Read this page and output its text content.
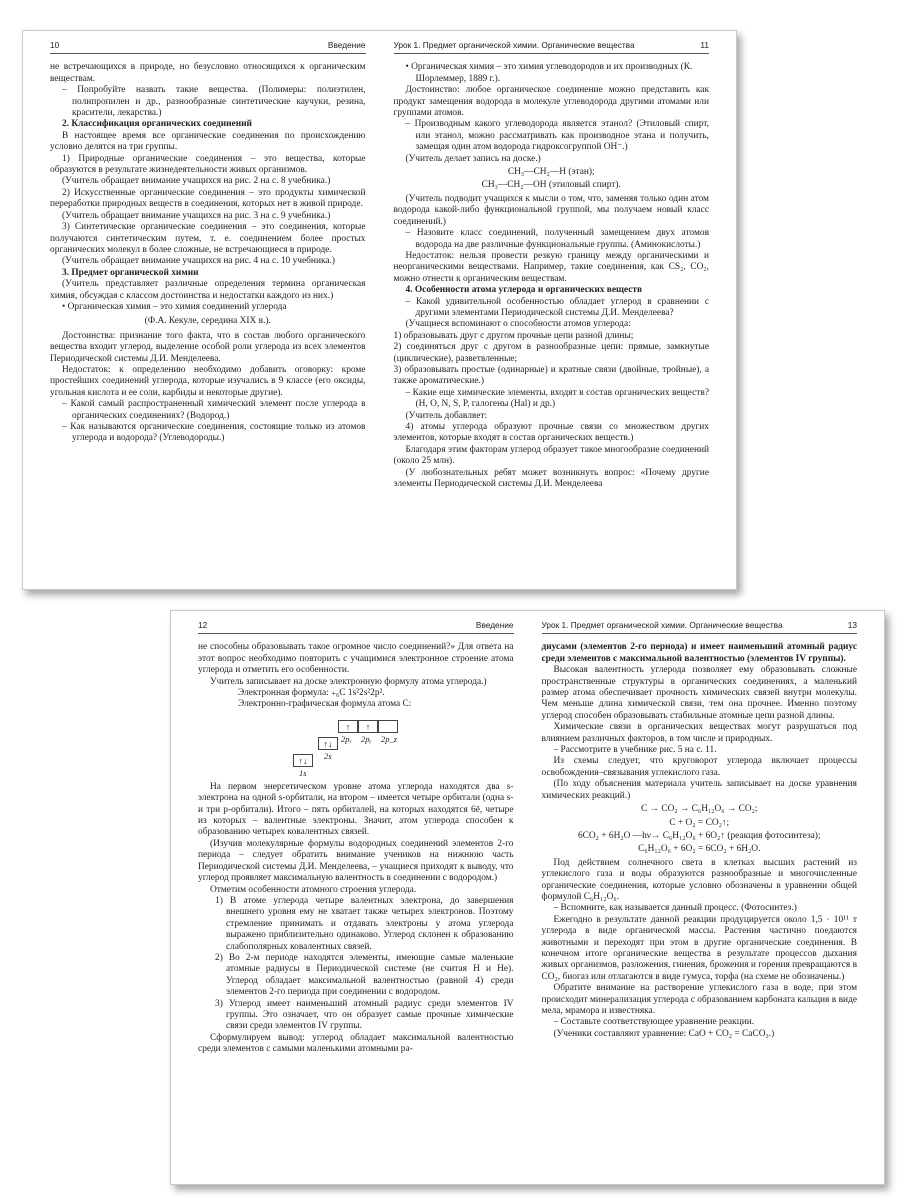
10	Введение

не встречающихся в природе, но безусловно относящихся к органическим веществам.

– Попробуйте назвать такие вещества. (Полимеры: полиэтилен, полипропилен и др., разнообразные синтетические каучуки, резина, красители, лекарства.)

2. Классификация органических соединений

В настоящее время все органические соединения по происхождению условно делятся на три группы.

1) Природные органические соединения – это вещества, которые образуются в результате жизнедеятельности живых организмов.

(Учитель обращает внимание учащихся на рис. 2 на с. 8 учебника.)

2) Искусственные органические соединения – это продукты химической переработки природных веществ в соединения, которых нет в живой природе.

(Учитель обращает внимание учащихся на рис. 3 на с. 9 учебника.)

3) Синтетические органические соединения – это соединения, которые получаются синтетическим путем, т. е. соединением более простых органических молекул в более сложные, не встречающиеся в природе.

(Учитель обращает внимание учащихся на рис. 4 на с. 10 учебника.)

3. Предмет органической химии

(Учитель представляет различные определения термина органическая химия, обсуждая с классом достоинства и недостатки каждого из них.)

• Органическая химия – это химия соединений углерода

(Ф.А. Кекуле, середина XIX в.).

Достоинства: признание того факта, что в состав любого органического вещества входит углерод, выделение особой роли углерода из всех элементов Периодической системы Д.И. Менделеева.

Недостаток: к определению необходимо добавить оговорку: кроме простейших соединений углерода, которые изучались в 9 классе (его оксиды, угольная кислота и ее соли, карбиды и некоторые другие).

– Какой самый распространенный химический элемент после углерода в органических соединениях? (Водород.)

– Как называются органические соединения, состоящие только из атомов углерода и водорода? (Углеводороды.)

Урок 1. Предмет органической химии. Органические вещества	11

• Органическая химия – это химия углеводородов и их производных (К. Шорлеммер, 1889 г.).

Достоинство: любое органическое соединение можно представить как продукт замещения водорода в молекуле углеводорода другими атомами или группами атомов.

– Производным какого углеводорода является этанол? (Этиловый спирт, или этанол, можно рассматривать как производное этана и получить, замещая один атом водорода гидроксогруппой OH⁻.)

(Учитель делает запись на доске.)

CH₃—CH₂—H (этан);

CH₃—CH₂—OH (этиловый спирт).

(Учитель подводит учащихся к мысли о том, что, заменяя только один атом водорода какой-либо функциональной группой, мы получаем новый класс соединений.)

– Назовите класс соединений, полученный замещением двух атомов водорода на две различные функциональные группы. (Аминокислоты.)

Недостаток: нельзя провести резкую границу между органическими и неорганическими веществами. Например, такие соединения, как CS₂, CO₂, можно отнести к органическим веществам.

4. Особенности атома углерода и органических веществ

– Какой удивительной особенностью обладает углерод в сравнении с другими элементами Периодической системы Д.И. Менделеева?

(Учащиеся вспоминают о способности атомов углерода:

1) образовывать друг с другом прочные цепи разной длины;

2) соединяться друг с другом в разнообразные цепи: прямые, замкнутые (циклические), разветвленные;

3) образовывать простые (одинарные) и кратные связи (двойные, тройные), а также ароматические.)

– Какие еще химические элементы, входят в состав органических веществ? (H, O, N, S, P, галогены (Hal) и др.)

(Учитель добавляет:

4) атомы углерода образуют прочные связи со множеством других элементов, которые входят в состав органических веществ.)

Благодаря этим факторам углерод образует такое многообразие соединений (около 25 млн).

(У любознательных ребят может возникнуть вопрос: «Почему другие элементы Периодической системы Д.И. Менделеева

12	Введение

не способны образовывать такое огромное число соединений?» Для ответа на этот вопрос необходимо повторить с учащимися электронное строение атома углерода и отметить его особенности.

Учитель записывает на доске электронную формулу атома углерода.)

Электронная формула: ₊₆C 1s²2s²2p².

Электронно-графическая формула атома C:

↑↓
↑↓
↑	↑
1s
2s
2pₓ 2pᵧ 2p_z

На первом энергетическом уровне атома углерода находятся два s-электрона на одной s-орбитали, на втором – имеется четыре орбитали (одна s- и три p-орбитали). Итого – пять орбиталей, на которых находятся 6ē, четыре из которых – валентные электроны. Значит, атом углерода способен к образованию четырех ковалентных связей.

(Изучив молекулярные формулы водородных соединений элементов 2-го периода – следует обратить внимание учеников на нижнюю часть Периодической системы Д.И. Менделеева, – учащиеся приходят к выводу, что углерод проявляет максимальную валентность в соединении с водородом.)

Отметим особенности атомного строения углерода.

1) В атоме углерода четыре валентных электрона, до завершения внешнего уровня ему не хватает также четырех электронов. Поэтому стремление принимать и отдавать электроны у атома углерода выражено приблизительно одинаково. Углерод склонен к образованию слабополярных ковалентных связей.

2) Во 2-м периоде находятся элементы, имеющие самые маленькие атомные радиусы в Периодической системе (не считая H и He). Углерод обладает максимальной валентностью (равной 4) среди элементов 2-го периода при соединении с водородом.

3) Углерод имеет наименьший атомный радиус среди элементов IV группы. Это означает, что он образует самые прочные химические связи среди элементов IV группы.

Сформулируем вывод: углерод обладает максимальной валентностью среди элементов с самыми маленькими атомными ра-

Урок 1. Предмет органической химии. Органические вещества	13

диусами (элементов 2-го периода) и имеет наименьший атомный радиус среди элементов с максимальной валентностью (элементов IV группы).

Высокая валентность углерода позволяет ему образовывать сложные пространственные структуры в органических соединениях, а маленький размер атома обеспечивает прочность химических связей внутри молекулы. Чем меньше длина химической связи, тем она прочнее. Именно поэтому углерод способен образовывать стабильные атомные цепи разной длины.

Химические связи в органических веществах могут разрушаться под влиянием различных факторов, в том числе и природных.

– Рассмотрите в учебнике рис. 5 на с. 11.

Из схемы следует, что круговорот углерода включает процессы освобождения–связывания углекислого газа.

(По ходу объяснения материала учитель записывает на доске уравнения химических реакций.)

C → CO₂ → C₆H₁₂O₆ → CO₂;

C + O₂ = CO₂↑;

6CO₂ + 6H₂O —hν→ C₆H₁₂O₆ + 6O₂↑ (реакция фотосинтеза);

C₆H₁₂O₆ + 6O₂ = 6CO₂ + 6H₂O.

Под действием солнечного света в клетках высших растений из углекислого газа и воды образуются разнообразные и многочисленные органические соединения, которые условно обозначены в уравнении общей формулой C₆H₁₂O₆.

– Вспомните, как называется данный процесс. (Фотосинтез.)

Ежегодно в результате данной реакции продуцируется около 1,5 · 10¹¹ т углерода в виде органической массы. Растения частично поедаются животными и переходят при этом в другие органические соединения. В конечном итоге органические вещества в результате процессов дыхания живых организмов, разложения, гниения, брожения и горения превращаются в CO₂, биогаз или отлагаются в виде гумуса, торфа (на схеме не обозначены.)

Обратите внимание на растворение углекислого газа в воде, при этом происходит минерализация углерода с образованием карбоната кальция в виде мела, мрамора и известняка.

– Составьте соответствующее уравнение реакции.

(Ученики составляют уравнение: CaO + CO₂ = CaCO₃.)
